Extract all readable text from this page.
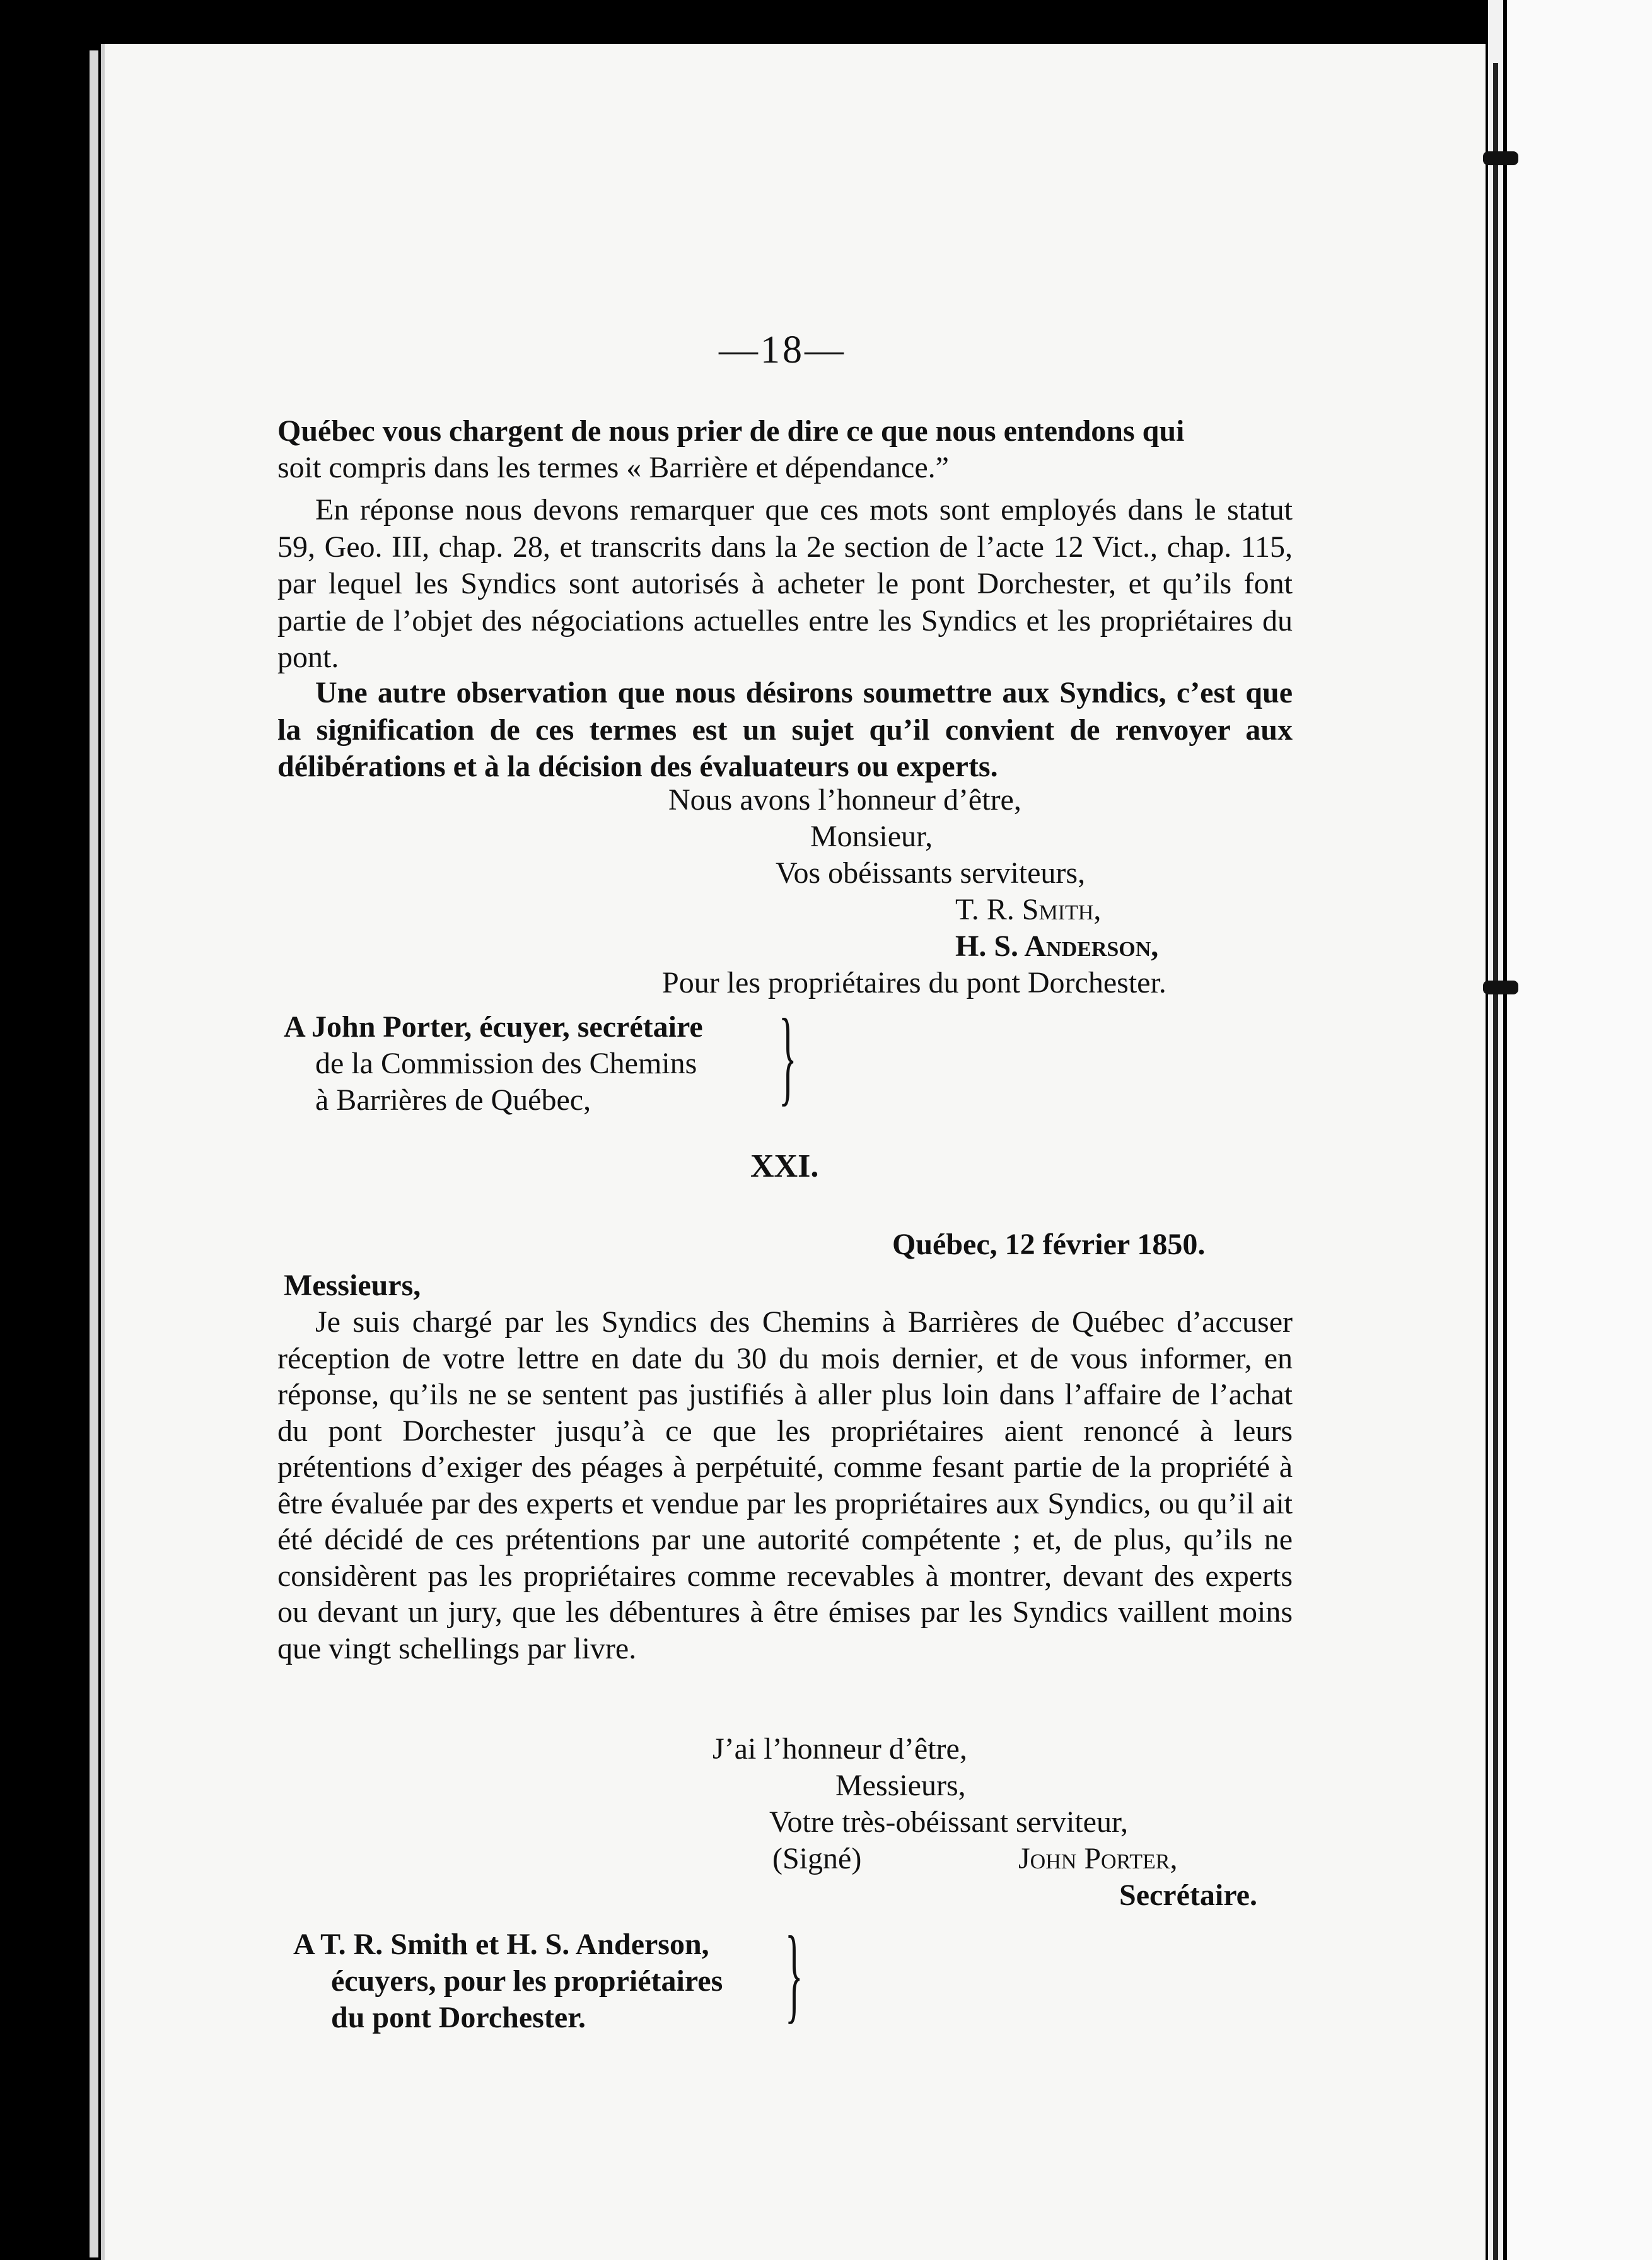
—18—
Québec vous chargent de nous prier de dire ce que nous entendons qui
soit compris dans les termes « Barrière et dépendance.”
En réponse nous devons remarquer que ces mots sont employés dans le statut 59, Geo. III, chap. 28, et transcrits dans la 2e section de l’acte 12 Vict., chap. 115, par lequel les Syndics sont autorisés à acheter le pont Dorchester, et qu’ils font partie de l’objet des négociations actuelles entre les Syndics et les propriétaires du pont.
Une autre observation que nous désirons soumettre aux Syndics, c’est que la signification de ces termes est un sujet qu’il convient de renvoyer aux délibérations et à la décision des évaluateurs ou experts.
Nous avons l’honneur d’être,
Monsieur,
Vos obéissants serviteurs,
T. R. Smith,
H. S. Anderson,
Pour les propriétaires du pont Dorchester.
A John Porter, écuyer, secrétaire
de la Commission des Chemins
à Barrières de Québec, }
XXI.
Québec, 12 février 1850.
Messieurs,
Je suis chargé par les Syndics des Chemins à Barrières de Québec d’accuser réception de votre lettre en date du 30 du mois dernier, et de vous informer, en réponse, qu’ils ne se sentent pas justifiés à aller plus loin dans l’affaire de l’achat du pont Dorchester jusqu’à ce que les propriétaires aient renoncé à leurs prétentions d’exiger des péages à perpétuité, comme fesant partie de la propriété à être évaluée par des experts et vendue par les propriétaires aux Syndics, ou qu’il ait été décidé de ces prétentions par une autorité compétente ; et, de plus, qu’ils ne considèrent pas les propriétaires comme recevables à montrer, devant des experts ou devant un jury, que les débentures à être émises par les Syndics vaillent moins que vingt schellings par livre.
J’ai l’honneur d’être,
Messieurs,
Votre très-obéissant serviteur,
(Signé)	John Porter,
Secrétaire.
A T. R. Smith et H. S. Anderson,
écuyers, pour les propriétaires
du pont Dorchester. }
